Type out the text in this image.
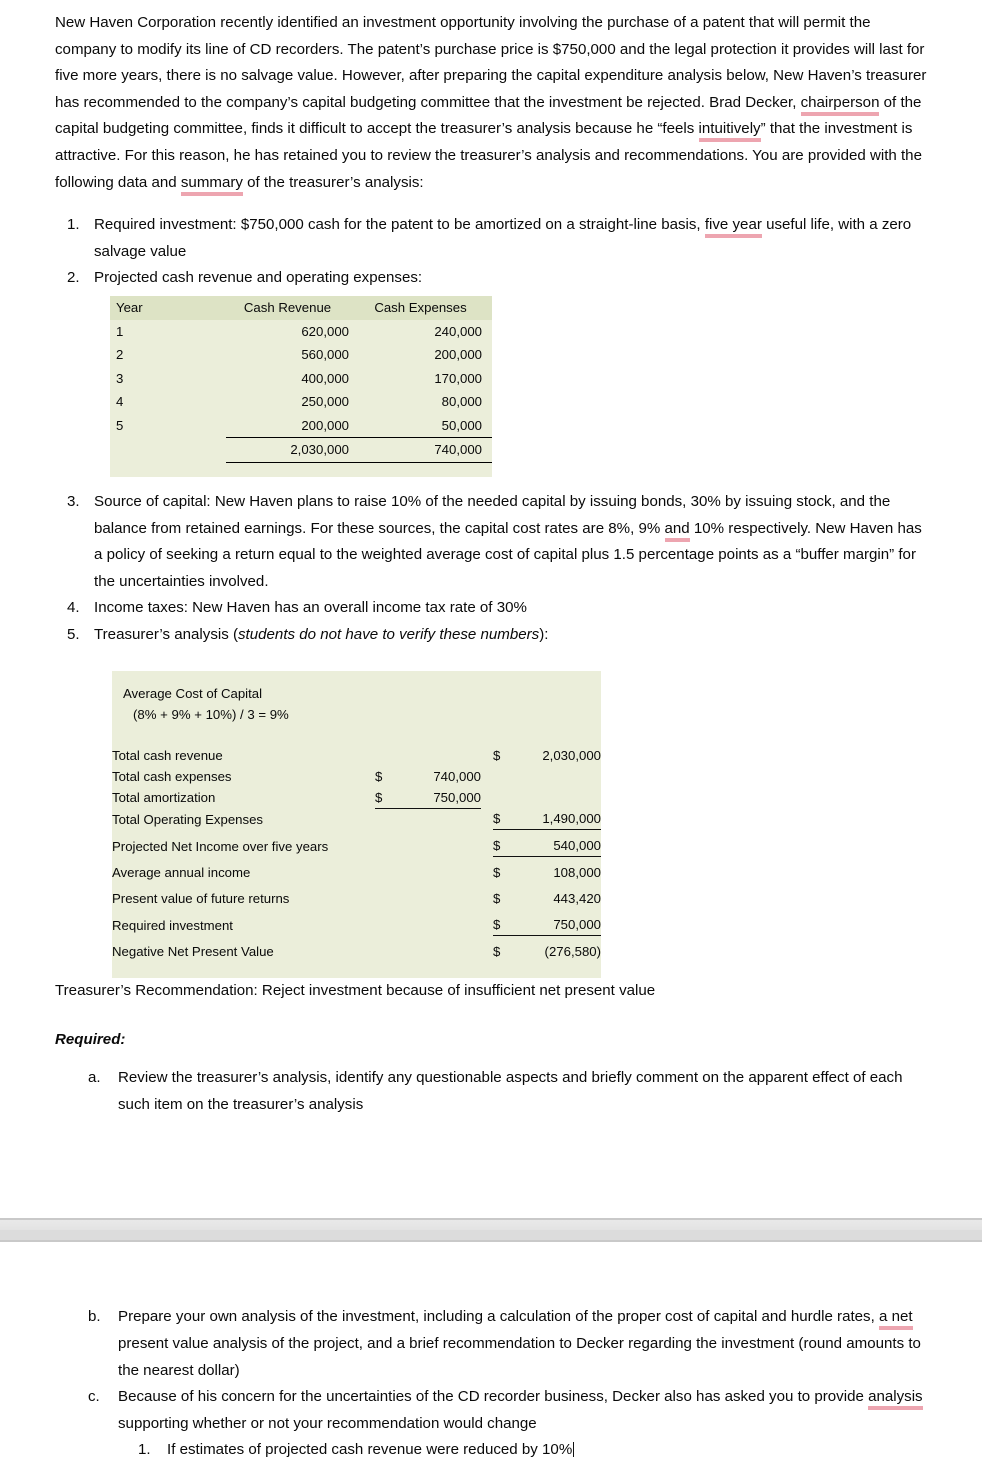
New Haven Corporation recently identified an investment opportunity involving the purchase of a patent that will permit the company to modify its line of CD recorders. The patent’s purchase price is $750,000 and the legal protection it provides will last for five more years, there is no salvage value. However, after preparing the capital expenditure analysis below, New Haven’s treasurer has recommended to the company’s capital budgeting committee that the investment be rejected. Brad Decker, chairperson of the capital budgeting committee, finds it difficult to accept the treasurer’s analysis because he “feels intuitively” that the investment is attractive. For this reason, he has retained you to review the treasurer’s analysis and recommendations. You are provided with the following data and summary of the treasurer’s analysis:

1. Required investment: $750,000 cash for the patent to be amortized on a straight-line basis, five year useful life, with a zero salvage value
2. Projected cash revenue and operating expenses:
Year	Cash Revenue	Cash Expenses
1	620,000	240,000
2	560,000	200,000
3	400,000	170,000
4	250,000	80,000
5	200,000	50,000
	2,030,000	740,000

3. Source of capital: New Haven plans to raise 10% of the needed capital by issuing bonds, 30% by issuing stock, and the balance from retained earnings. For these sources, the capital cost rates are 8%, 9% and 10% respectively. New Haven has a policy of seeking a return equal to the weighted average cost of capital plus 1.5 percentage points as a “buffer margin” for the uncertainties involved.
4. Income taxes: New Haven has an overall income tax rate of 30%
5. Treasurer’s analysis (students do not have to verify these numbers):
Average Cost of Capital
(8% + 9% + 10%) / 3 = 9%
Total cash revenue				$	2,030,000
Total cash expenses	$	740,000			
Total amortization	$	750,000			
Total Operating Expenses				$	1,490,000
Projected Net Income over five years				$	540,000
Average annual income				$	108,000
Present value of future returns				$	443,420
Required investment				$	750,000
Negative Net Present Value				$	(276,580)

Treasurer’s Recommendation: Reject investment because of insufficient net present value

Required:
a.	Review the treasurer’s analysis, identify any questionable aspects and briefly comment on the apparent effect of each such item on the treasurer’s analysis
b.	Prepare your own analysis of the investment, including a calculation of the proper cost of capital and hurdle rates, a net present value analysis of the project, and a brief recommendation to Decker regarding the investment (round amounts to the nearest dollar)
c.	Because of his concern for the uncertainties of the CD recorder business, Decker also has asked you to provide analysis supporting whether or not your recommendation would change
1.	If estimates of projected cash revenue were reduced by 10%
